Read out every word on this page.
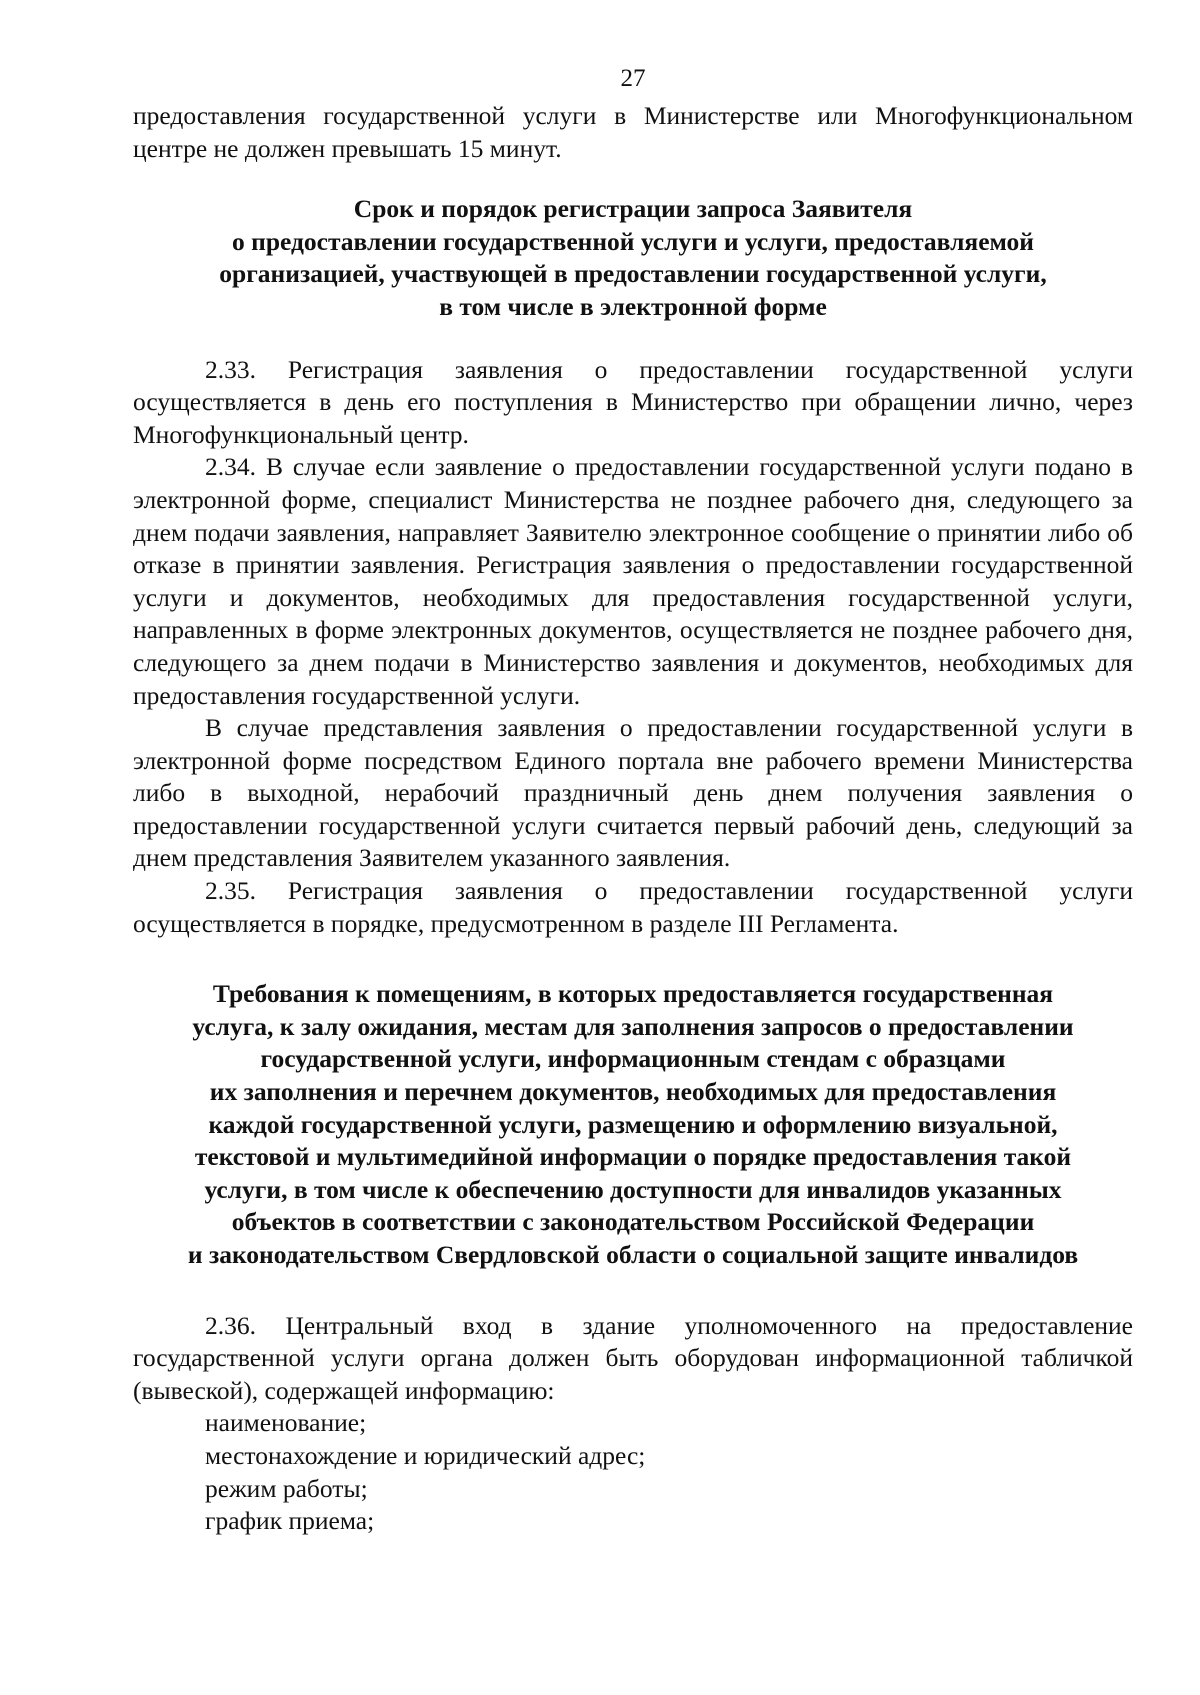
27

предоставления государственной услуги в Министерстве или Многофункциональном центре не должен превышать 15 минут.

Срок и порядок регистрации запроса Заявителя
о предоставлении государственной услуги и услуги, предоставляемой
организацией, участвующей в предоставлении государственной услуги,
в том числе в электронной форме

2.33. Регистрация заявления о предоставлении государственной услуги осуществляется в день его поступления в Министерство при обращении лично, через Многофункциональный центр.

2.34. В случае если заявление о предоставлении государственной услуги подано в электронной форме, специалист Министерства не позднее рабочего дня, следующего за днем подачи заявления, направляет Заявителю электронное сообщение о принятии либо об отказе в принятии заявления. Регистрация заявления о предоставлении государственной услуги и документов, необходимых для предоставления государственной услуги, направленных в форме электронных документов, осуществляется не позднее рабочего дня, следующего за днем подачи в Министерство заявления и документов, необходимых для предоставления государственной услуги.

В случае представления заявления о предоставлении государственной услуги в электронной форме посредством Единого портала вне рабочего времени Министерства либо в выходной, нерабочий праздничный день днем получения заявления о предоставлении государственной услуги считается первый рабочий день, следующий за днем представления Заявителем указанного заявления.

2.35. Регистрация заявления о предоставлении государственной услуги осуществляется в порядке, предусмотренном в разделе III Регламента.

Требования к помещениям, в которых предоставляется государственная
услуга, к залу ожидания, местам для заполнения запросов о предоставлении
государственной услуги, информационным стендам с образцами
их заполнения и перечнем документов, необходимых для предоставления
каждой государственной услуги, размещению и оформлению визуальной,
текстовой и мультимедийной информации о порядке предоставления такой
услуги, в том числе к обеспечению доступности для инвалидов указанных
объектов в соответствии с законодательством Российской Федерации
и законодательством Свердловской области о социальной защите инвалидов

2.36. Центральный вход в здание уполномоченного на предоставление государственной услуги органа должен быть оборудован информационной табличкой (вывеской), содержащей информацию:

наименование;
местонахождение и юридический адрес;
режим работы;
график приема;
